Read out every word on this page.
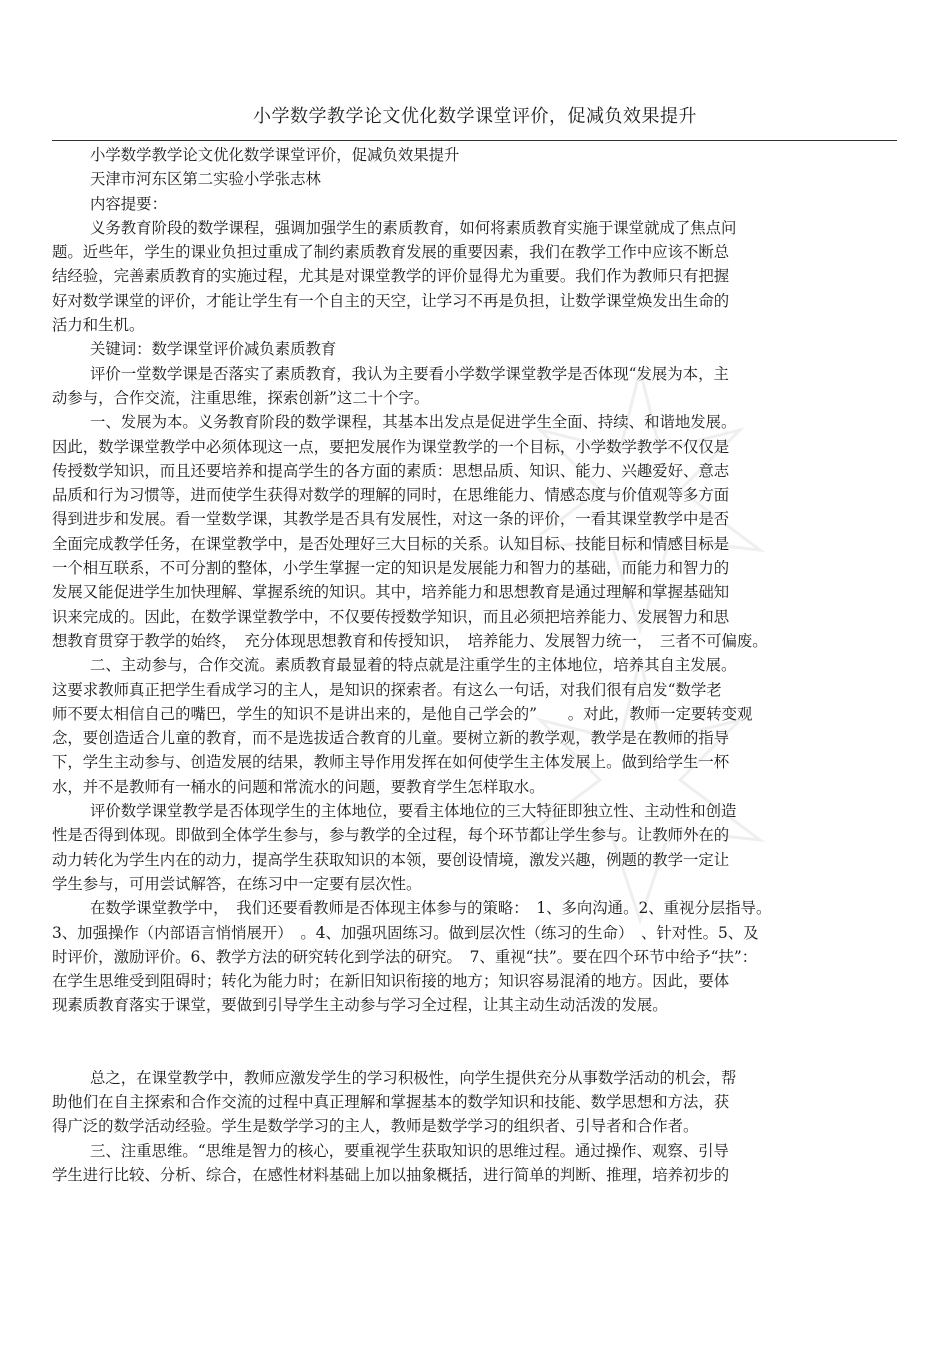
小学数学教学论文优化数学课堂评价，促减负效果提升
小学数学教学论文优化数学课堂评价，促减负效果提升
天津市河东区第二实验小学张志林
内容提要：
义务教育阶段的数学课程，强调加强学生的素质教育，如何将素质教育实施于课堂就成了焦点问
题。近些年，学生的课业负担过重成了制约素质教育发展的重要因素，我们在教学工作中应该不断总
结经验，完善素质教育的实施过程，尤其是对课堂教学的评价显得尤为重要。我们作为教师只有把握
好对数学课堂的评价，才能让学生有一个自主的天空，让学习不再是负担，让数学课堂焕发出生命的
活力和生机。
关键词：数学课堂评价减负素质教育
评价一堂数学课是否落实了素质教育，我认为主要看小学数学课堂教学是否体现“发展为本，主
动参与，合作交流，注重思维，探索创新”这二十个字。
一、发展为本。义务教育阶段的数学课程，其基本出发点是促进学生全面、持续、和谐地发展。
因此，数学课堂教学中必须体现这一点，要把发展作为课堂教学的一个目标，小学数学教学不仅仅是
传授数学知识，而且还要培养和提高学生的各方面的素质：思想品质、知识、能力、兴趣爱好、意志
品质和行为习惯等，进而使学生获得对数学的理解的同时，在思维能力、情感态度与价值观等多方面
得到进步和发展。看一堂数学课，其教学是否具有发展性，对这一条的评价，一看其课堂教学中是否
全面完成教学任务，在课堂教学中，是否处理好三大目标的关系。认知目标、技能目标和情感目标是
一个相互联系，不可分割的整体，小学生掌握一定的知识是发展能力和智力的基础，而能力和智力的
发展又能促进学生加快理解、掌握系统的知识。其中，培养能力和思想教育是通过理解和掌握基础知
识来完成的。因此，在数学课堂教学中，不仅要传授数学知识，而且必须把培养能力、发展智力和思
想教育贯穿于教学的始终，　充分体现思想教育和传授知识，　培养能力、发展智力统一，　三者不可偏废。
二、主动参与，合作交流。素质教育最显着的特点就是注重学生的主体地位，培养其自主发展。
这要求教师真正把学生看成学习的主人，是知识的探索者。有这么一句话，对我们很有启发“数学老
师不要太相信自己的嘴巴，学生的知识不是讲出来的，是他自己学会的”　　。对此，教师一定要转变观
念，要创造适合儿童的教育，而不是选拔适合教育的儿童。要树立新的教学观，教学是在教师的指导
下，学生主动参与、创造发展的结果，教师主导作用发挥在如何使学生主体发展上。做到给学生一杯
水，并不是教师有一桶水的问题和常流水的问题，要教育学生怎样取水。
评价数学课堂教学是否体现学生的主体地位，要看主体地位的三大特征即独立性、主动性和创造
性是否得到体现。即做到全体学生参与，参与教学的全过程，每个环节都让学生参与。让教师外在的
动力转化为学生内在的动力，提高学生获取知识的本领，要创设情境，激发兴趣，例题的教学一定让
学生参与，可用尝试解答，在练习中一定要有层次性。
在数学课堂教学中，　我们还要看教师是否体现主体参与的策略：　1、多向沟通。2、重视分层指导。
3、加强操作（内部语言悄悄展开）　。4、加强巩固练习。做到层次性（练习的生命）　、针对性。5、及
时评价，激励评价。6、教学方法的研究转化到学法的研究。　7、重视“扶”。要在四个环节中给予“扶”：
在学生思维受到阻碍时；转化为能力时；在新旧知识衔接的地方；知识容易混淆的地方。因此，要体
现素质教育落实于课堂，要做到引导学生主动参与学习全过程，让其主动生动活泼的发展。
总之，在课堂教学中，教师应激发学生的学习积极性，向学生提供充分从事数学活动的机会，帮
助他们在自主探索和合作交流的过程中真正理解和掌握基本的数学知识和技能、数学思想和方法，获
得广泛的数学活动经验。学生是数学学习的主人，教师是数学学习的组织者、引导者和合作者。
三、注重思维。“思维是智力的核心，要重视学生获取知识的思维过程。通过操作、观察、引导
学生进行比较、分析、综合，在感性材料基础上加以抽象概括，进行简单的判断、推理，培养初步的
